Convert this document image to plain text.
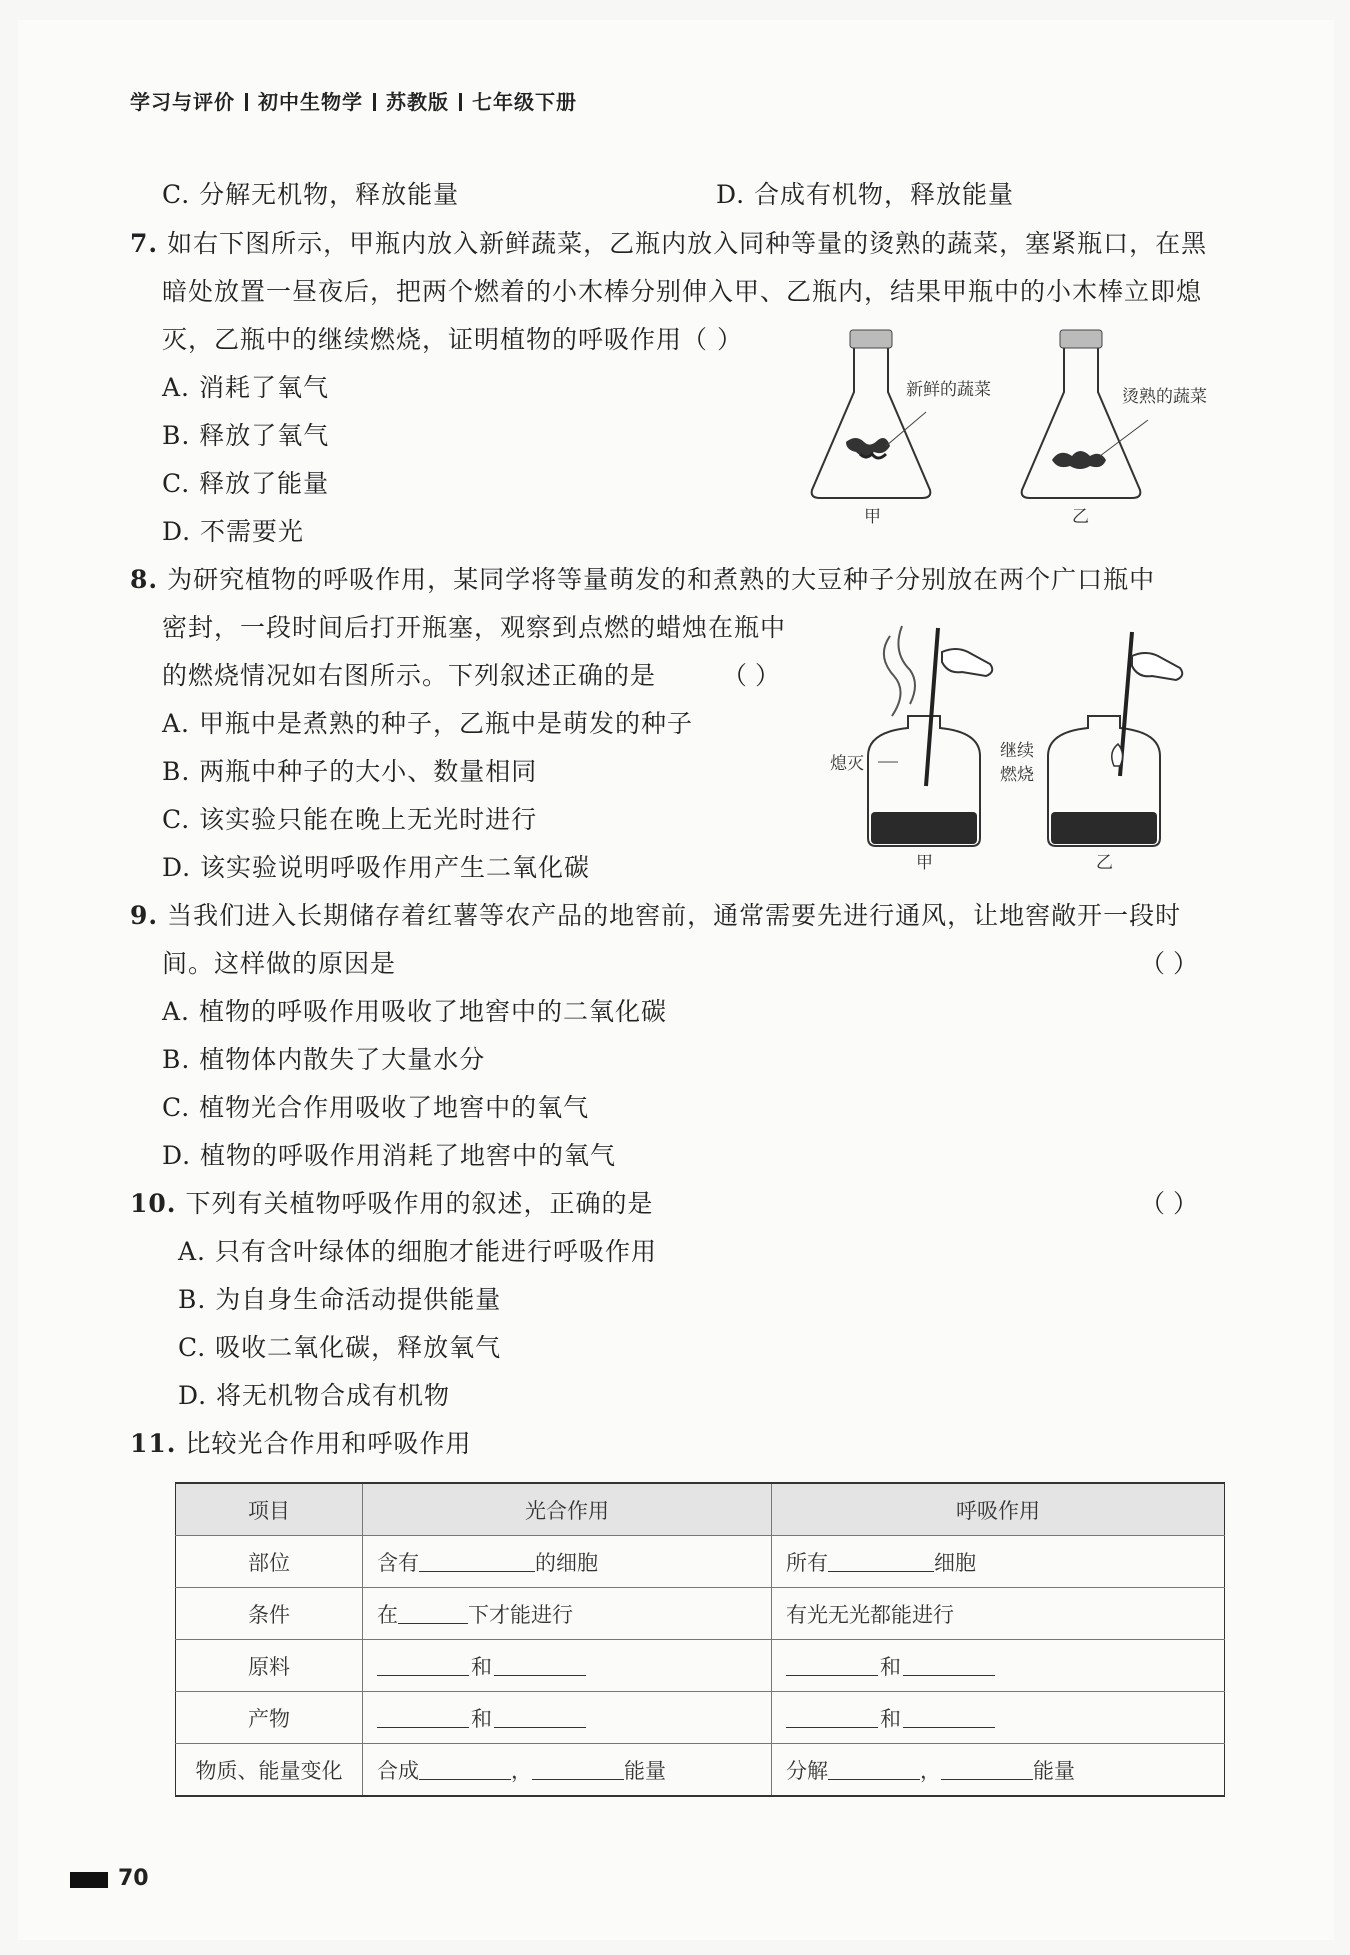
学习与评价 初中生物学 苏教版 七年级下册
C. 分解无机物，释放能量	D. 合成有机物，释放能量
7. 如右下图所示，甲瓶内放入新鲜蔬菜，乙瓶内放入同种等量的烫熟的蔬菜，塞紧瓶口，在黑
暗处放置一昼夜后，把两个燃着的小木棒分别伸入甲、乙瓶内，结果甲瓶中的小木棒立即熄
灭，乙瓶中的继续燃烧，证明植物的呼吸作用（ ）
A. 消耗了氧气
B. 释放了氧气
C. 释放了能量
D. 不需要光
新鲜的蔬菜	烫熟的蔬菜
甲	乙
8. 为研究植物的呼吸作用，某同学将等量萌发的和煮熟的大豆种子分别放在两个广口瓶中
密封，一段时间后打开瓶塞，观察到点燃的蜡烛在瓶中
的燃烧情况如右图所示。下列叙述正确的是	（ ）
A. 甲瓶中是煮熟的种子，乙瓶中是萌发的种子
B. 两瓶中种子的大小、数量相同
C. 该实验只能在晚上无光时进行
D. 该实验说明呼吸作用产生二氧化碳
熄灭
继续
燃烧
甲	乙
9. 当我们进入长期储存着红薯等农产品的地窖前，通常需要先进行通风，让地窖敞开一段时
间。这样做的原因是	（ ）
A. 植物的呼吸作用吸收了地窖中的二氧化碳
B. 植物体内散失了大量水分
C. 植物光合作用吸收了地窖中的氧气
D. 植物的呼吸作用消耗了地窖中的氧气
10. 下列有关植物呼吸作用的叙述，正确的是	（ ）
A. 只有含叶绿体的细胞才能进行呼吸作用
B. 为自身生命活动提供能量
C. 吸收二氧化碳，释放氧气
D. 将无机物合成有机物
11. 比较光合作用和呼吸作用
项目	光合作用	呼吸作用
部位	含有 的细胞	所有 细胞
条件	在 下才能进行	有光无光都能进行
原料	和	和
产物	和	和
物质、能量变化	合成 ， 能量	分解 ， 能量
70
